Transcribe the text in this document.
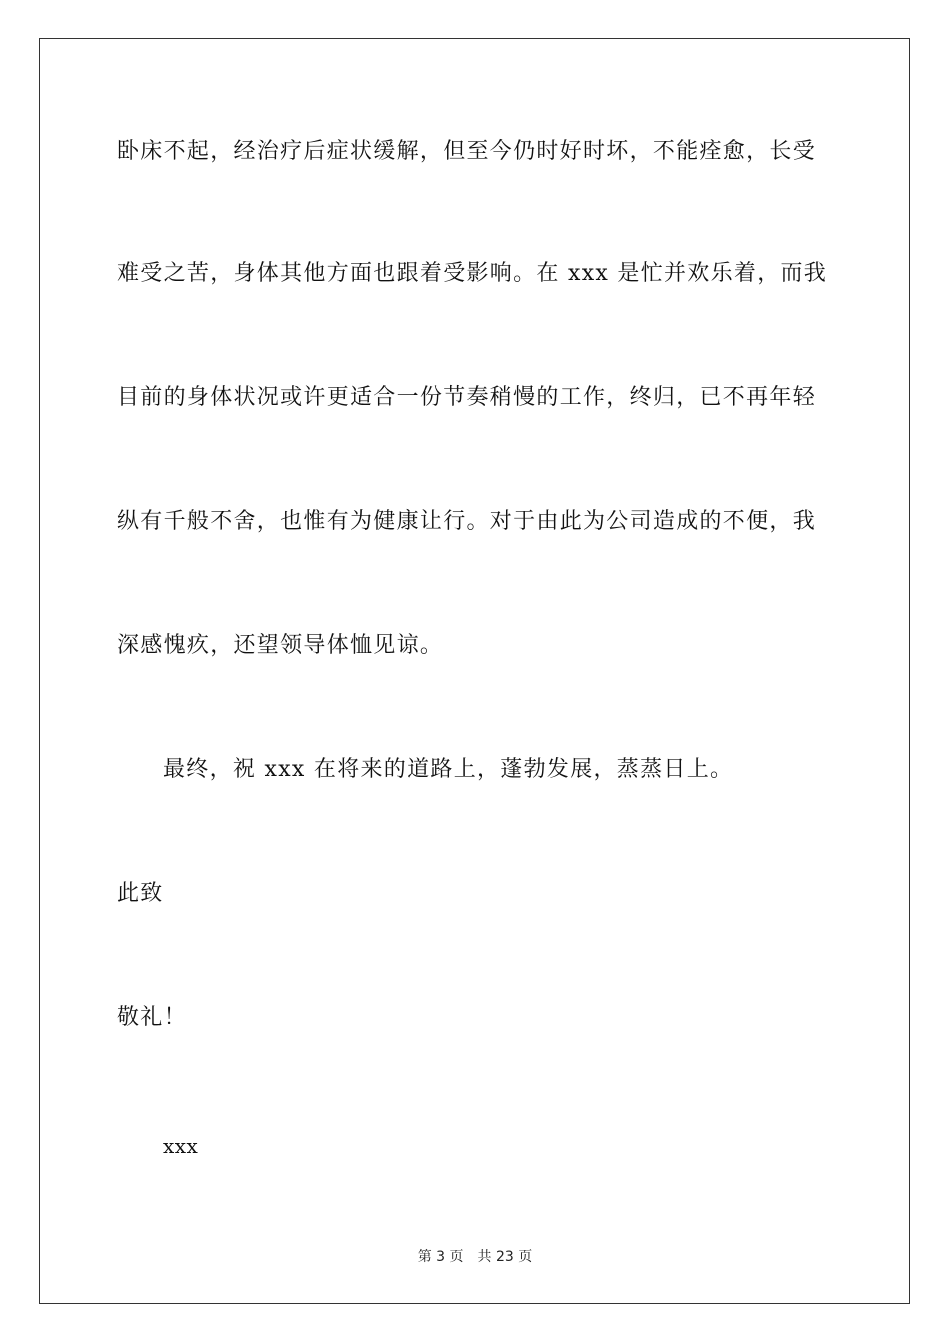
卧床不起，经治疗后症状缓解，但至今仍时好时坏，不能痊愈，长受
难受之苦，身体其他方面也跟着受影响。在 xxx 是忙并欢乐着，而我
目前的身体状况或许更适合一份节奏稍慢的工作，终归，已不再年轻
纵有千般不舍，也惟有为健康让行。对于由此为公司造成的不便，我
深感愧疚，还望领导体恤见谅。
最终，祝 xxx 在将来的道路上，蓬勃发展，蒸蒸日上。
此致
敬礼！
xxx
第 3 页　共 23 页
